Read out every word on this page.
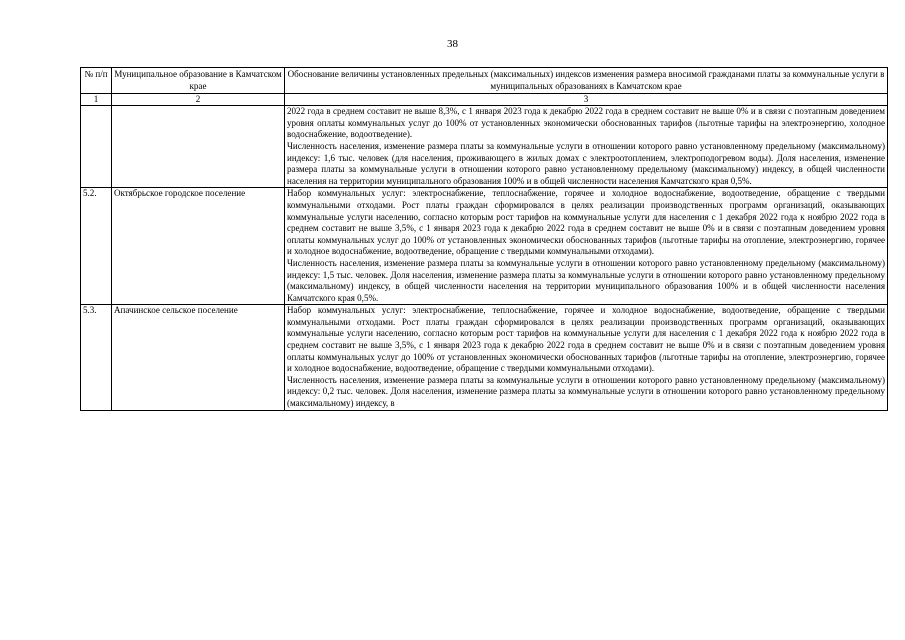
38
№ п/п	Муниципальное образование в Камчатском крае	Обоснование величины установленных предельных (максимальных) индексов изменения размера вносимой гражданами платы за коммунальные услуги в муниципальных образованиях в Камчатском крае
1	2	3

		2022 года в среднем составит не выше 8,3%, с 1 января 2023 года к декабрю 2022 года в среднем составит не выше 0% и в связи с поэтапным доведением уровня оплаты коммунальных услуг до 100% от установленных экономически обоснованных тарифов (льготные тарифы на электроэнергию, холодное водоснабжение, водоотведение).

Численность населения, изменение размера платы за коммунальные услуги в отношении которого равно установленному предельному (максимальному) индексу: 1,6 тыс. человек (для населения, проживающего в жилых домах с электроотоплением, электроподогревом воды). Доля населения, изменение размера платы за коммунальные услуги в отношении которого равно установленному предельному (максимальному) индексу, в общей численности населения на территории муниципального образования 100% и в общей численности населения Камчатского края 0,5%.

5.2.	Октябрьское городское поселение	Набор коммунальных услуг: электроснабжение, теплоснабжение, горячее и холодное водоснабжение, водоотведение, обращение с твердыми коммунальными отходами. Рост платы граждан сформировался в целях реализации производственных программ организаций, оказывающих коммунальные услуги населению, согласно которым рост тарифов на коммунальные услуги для населения с 1 декабря 2022 года к ноябрю 2022 года в среднем составит не выше 3,5%, с 1 января 2023 года к декабрю 2022 года в среднем составит не выше 0% и в связи с поэтапным доведением уровня оплаты коммунальных услуг до 100% от установленных экономически обоснованных тарифов (льготные тарифы на отопление, электроэнергию, горячее и холодное водоснабжение, водоотведение, обращение с твердыми коммунальными отходами).

Численность населения, изменение размера платы за коммунальные услуги в отношении которого равно установленному предельному (максимальному) индексу: 1,5 тыс. человек. Доля населения, изменение размера платы за коммунальные услуги в отношении которого равно установленному предельному (максимальному) индексу, в общей численности населения на территории муниципального образования 100% и в общей численности населения Камчатского края 0,5%.

5.3.	Апачинское сельское поселение	Набор коммунальных услуг: электроснабжение, теплоснабжение, горячее и холодное водоснабжение, водоотведение, обращение с твердыми коммунальными отходами. Рост платы граждан сформировался в целях реализации производственных программ организаций, оказывающих коммунальные услуги населению, согласно которым рост тарифов на коммунальные услуги для населения с 1 декабря 2022 года к ноябрю 2022 года в среднем составит не выше 3,5%, с 1 января 2023 года к декабрю 2022 года в среднем составит не выше 0% и в связи с поэтапным доведением уровня оплаты коммунальных услуг до 100% от установленных экономически обоснованных тарифов (льготные тарифы на отопление, электроэнергию, горячее и холодное водоснабжение, водоотведение, обращение с твердыми коммунальными отходами).

Численность населения, изменение размера платы за коммунальные услуги в отношении которого равно установленному предельному (максимальному) индексу: 0,2 тыс. человек. Доля населения, изменение размера платы за коммунальные услуги в отношении которого равно установленному предельному (максимальному) индексу, в
